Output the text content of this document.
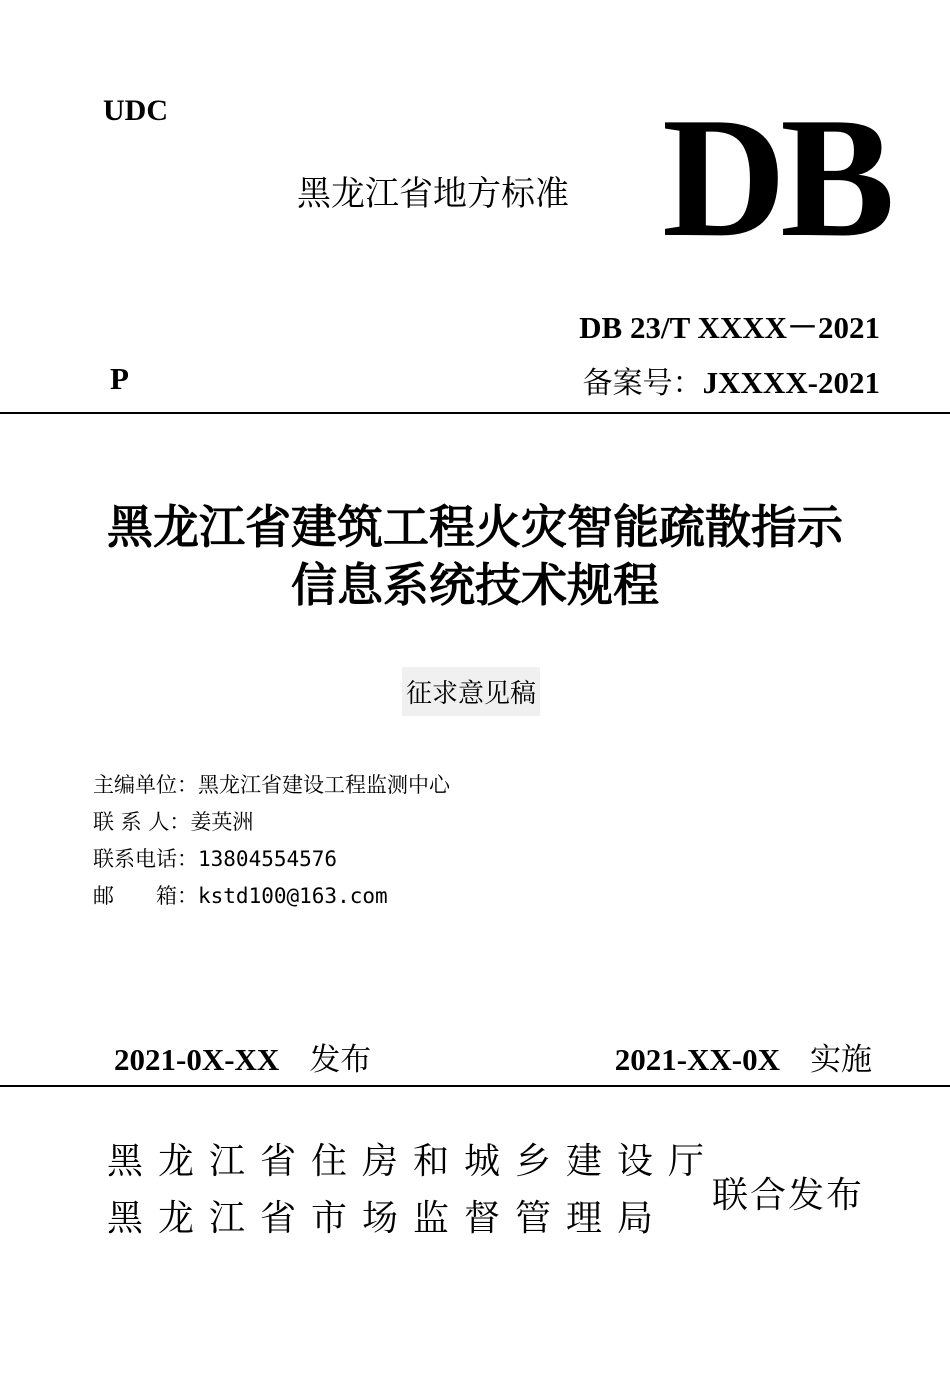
UDC
黑龙江省地方标准 DB
DB 23/T XXXX－2021
P	备案号：JXXXX-2021
黑龙江省建筑工程火灾智能疏散指示
信息系统技术规程
征求意见稿
主编单位：黑龙江省建设工程监测中心
联 系 人：姜英洲
联系电话：13804554576
邮　　箱：kstd100@163.com
2021-0X-XX 发布	2021-XX-0X 实施
黑龙江省住房和城乡建设厅
黑龙江省市场监督管理局
联合发布
